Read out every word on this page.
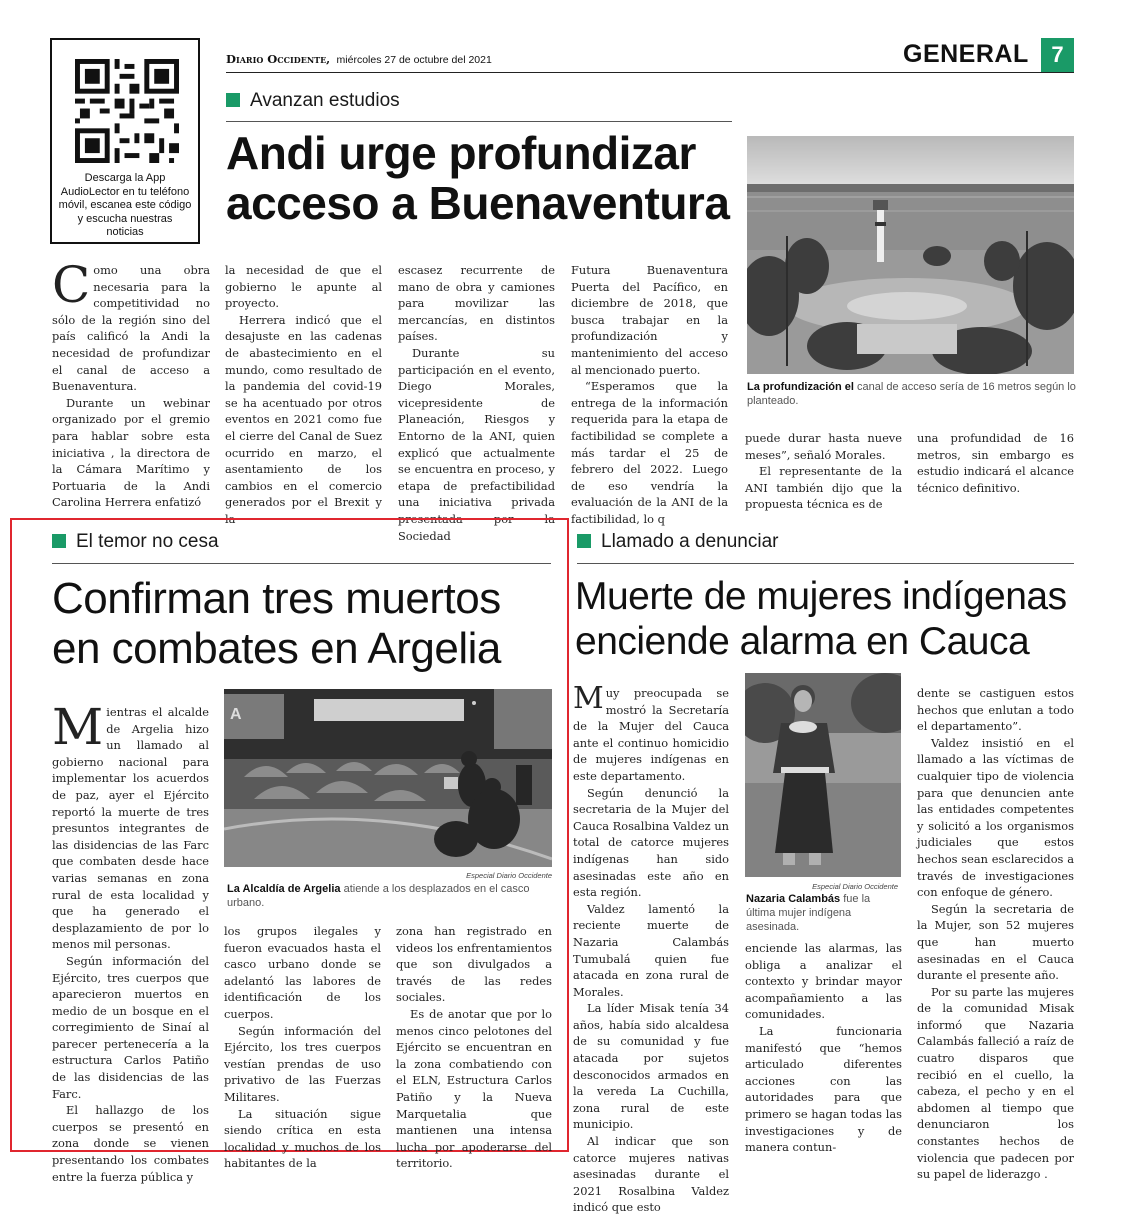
Descarga la App AudioLector en tu teléfono móvil, escanea este código y escucha nuestras noticias
Diario Occidente, miércoles 27 de octubre del 2021	GENERAL	7
Avanzan estudios
Andi urge profundizar acceso a Buenaventura
La profundización el canal de acceso sería de 16 metros según lo planteado.

Como una obra necesaria para la competitividad no sólo de la región sino del país calificó la Andi la necesidad de profundizar el canal de acceso a Buenaventura.

Durante un webinar organizado por el gremio para hablar sobre esta iniciativa , la directora de la Cámara Marítimo y Portuaria de la Andi Carolina Herrera enfatizó

la necesidad de que el gobierno le apunte al proyecto.

Herrera indicó que el desajuste en las cadenas de abastecimiento en el mundo, como resultado de la pandemia del covid-19 se ha acentuado por otros eventos en 2021 como fue el cierre del Canal de Suez ocurrido en marzo, el asentamiento de los cambios en el comercio generados por el Brexit y la

escasez recurrente de mano de obra y camiones para movilizar las mercancías, en distintos países.

Durante su participación en el evento, Diego Morales, vicepresidente de Planeación, Riesgos y Entorno de la ANI, quien explicó que actualmente se encuentra en proceso, y etapa de prefactibilidad una iniciativa privada presentada por la Sociedad

Futura Buenaventura Puerta del Pacífico, en diciembre de 2018, que busca trabajar en la profundización y mantenimiento del acceso al mencionado puerto.

“Esperamos que la entrega de la información requerida para la etapa de factibilidad se complete a más tardar el 25 de febrero del 2022. Luego de eso vendría la evaluación de la ANI de la factibilidad, lo q

puede durar hasta nueve meses”, señaló Morales.

El representante de la ANI también dijo que la propuesta técnica es de

una profundidad de 16 metros, sin embargo es estudio indicará el alcance técnico definitivo.

El temor no cesa
Confirman tres muertos en combates en Argelia
A
Especial Diario Occidente
La Alcaldía de Argelia atiende a los desplazados en el casco urbano.

Mientras el alcalde de Argelia hizo un llamado al gobierno nacional para implementar los acuerdos de paz, ayer el Ejército reportó la muerte de tres presuntos integrantes de las disidencias de las Farc que combaten desde hace varias semanas en zona rural de esta localidad y que ha generado el desplazamiento de por lo menos mil personas.

Según información del Ejército, tres cuerpos que aparecieron muertos en medio de un bosque en el corregimiento de Sinaí al parecer pertenecería a la estructura Carlos Patiño de las disidencias de las Farc.

El hallazgo de los cuerpos se presentó en zona donde se vienen presentando los combates entre la fuerza pública y

los grupos ilegales y fueron evacuados hasta el casco urbano donde se adelantó las labores de identificación de los cuerpos.

Según información del Ejército, los tres cuerpos vestían prendas de uso privativo de las Fuerzas Militares.

La situación sigue siendo crítica en esta localidad y muchos de los habitantes de la

zona han registrado en videos los enfrentamientos que son divulgados a través de las redes sociales.

Es de anotar que por lo menos cinco pelotones del Ejército se encuentran en la zona combatiendo con el ELN, Estructura Carlos Patiño y la Nueva Marquetalia que mantienen una intensa lucha por apoderarse del territorio.

Llamado a denunciar
Muerte de mujeres indígenas enciende alarma en Cauca
Especial Diario Occidente
Nazaria Calambás fue la última mujer indígena asesinada.

Muy preocupada se mostró la Secretaría de la Mujer del Cauca ante el continuo homicidio de mujeres indígenas en este departamento.

Según denunció la secretaria de la Mujer del Cauca Rosalbina Valdez un total de catorce mujeres indígenas han sido asesinadas este año en esta región.

Valdez lamentó la reciente muerte de Nazaria Calambás Tumubalá quien fue atacada en zona rural de Morales.

La líder Misak tenía 34 años, había sido alcaldesa de su comunidad y fue atacada por sujetos desconocidos armados en la vereda La Cuchilla, zona rural de este municipio.

Al indicar que son catorce mujeres nativas asesinadas durante el 2021 Rosalbina Valdez indicó que esto

enciende las alarmas, las obliga a analizar el contexto y brindar mayor acompañamiento a las comunidades.

La funcionaria manifestó que “hemos articulado diferentes acciones con las autoridades para que primero se hagan todas las investigaciones y de manera contun-

dente se castiguen estos hechos que enlutan a todo el departamento”.

Valdez insistió en el llamado a las víctimas de cualquier tipo de violencia para que denuncien ante las entidades competentes y solicitó a los organismos judiciales que estos hechos sean esclarecidos a través de investigaciones con enfoque de género.

Según la secretaria de la Mujer, son 52 mujeres que han muerto asesinadas en el Cauca durante el presente año.

Por su parte las mujeres de la comunidad Misak informó que Nazaria Calambás falleció a raíz de cuatro disparos que recibió en el cuello, la cabeza, el pecho y en el abdomen al tiempo que denunciaron los constantes hechos de violencia que padecen por su papel de liderazgo .
